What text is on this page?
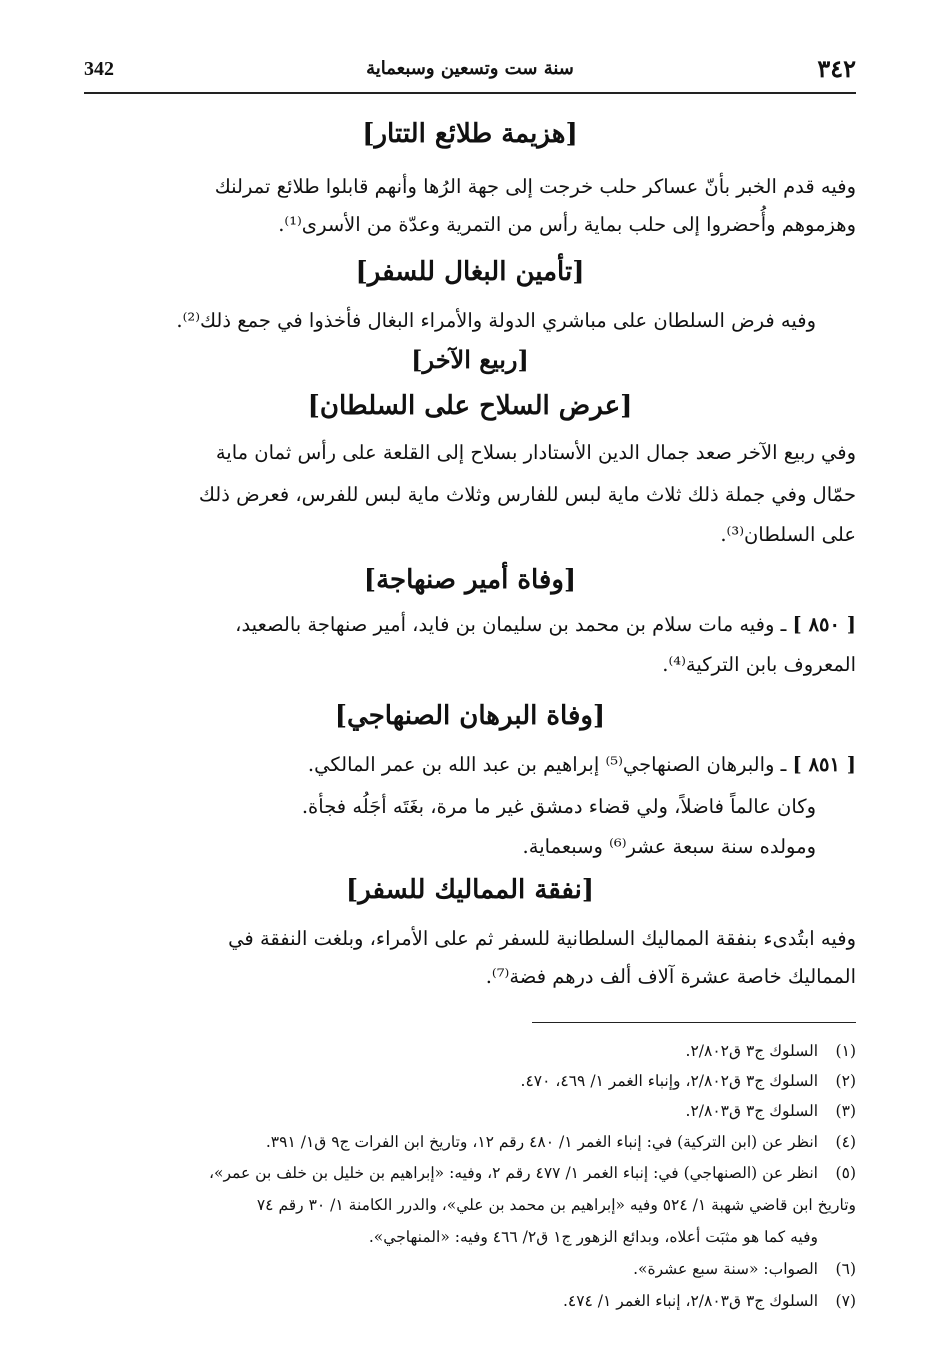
342	سنة ست وتسعين وسبعماية	٣٤٢
[هزيمة طلائع التتار]
وفيه قدم الخبر بأنّ عساكر حلب خرجت إلى جهة الرُها وأنهم قابلوا طلائع تمرلنك
وهزموهم وأُحضروا إلى حلب بماية رأس من التمرية وعدّة من الأسرى⁽¹⁾.
[تأمين البغال للسفر]
وفيه فرض السلطان على مباشري الدولة والأمراء البغال فأخذوا في جمع ذلك⁽²⁾.
[ربيع الآخر]
[عرض السلاح على السلطان]
وفي ربيع الآخر صعد جمال الدين الأستادار بسلاح إلى القلعة على رأس ثمان ماية
حمّال وفي جملة ذلك ثلاث ماية لبس للفارس وثلاث ماية لبس للفرس، فعرض ذلك
على السلطان⁽³⁾.
[وفاة أمير صنهاجة]
[ ٨٥٠ ] ـ وفيه مات سلام بن محمد بن سليمان بن فايد، أمير صنهاجة بالصعيد،
المعروف بابن التركية⁽⁴⁾.
[وفاة البرهان الصنهاجي]
[ ٨٥١ ] ـ والبرهان الصنهاجي⁽⁵⁾ إبراهيم بن عبد الله بن عمر المالكي.
وكان عالماً فاضلاً، ولي قضاء دمشق غير ما مرة، بغَتَه أجَلُه فجأة.
ومولده سنة سبعة عشر⁽⁶⁾ وسبعماية.
[نفقة المماليك للسفر]
وفيه ابتُدىء بنفقة المماليك السلطانية للسفر ثم على الأمراء، وبلغت النفقة في
المماليك خاصة عشرة آلاف ألف درهم فضة⁽⁷⁾.
(١)السلوك ج٣ ق٢/٨٠٢.
(٢)السلوك ج٣ ق٢/٨٠٢، وإنباء الغمر ١/ ٤٦٩، ٤٧٠.
(٣)السلوك ج٣ ق٢/٨٠٣.
(٤)انظر عن (ابن التركية) في: إنباء الغمر ١/ ٤٨٠ رقم ١٢، وتاريخ ابن الفرات ج٩ ق١/ ٣٩١.
(٥)انظر عن (الصنهاجي) في: إنباء الغمر ١/ ٤٧٧ رقم ٢، وفيه: «إبراهيم بن خليل بن خلف بن عمر»،
وتاريخ ابن قاضي شهبة ١/ ٥٢٤ وفيه «إبراهيم بن محمد بن علي»، والدرر الكامنة ١/ ٣٠ رقم ٧٤
وفيه كما هو مثبَت أعلاه، وبدائع الزهور ج١ ق٢/ ٤٦٦ وفيه: «المنهاجي».
(٦)الصواب: «سنة سبع عشرة».
(٧)السلوك ج٣ ق٢/٨٠٣، إنباء الغمر ١/ ٤٧٤.
